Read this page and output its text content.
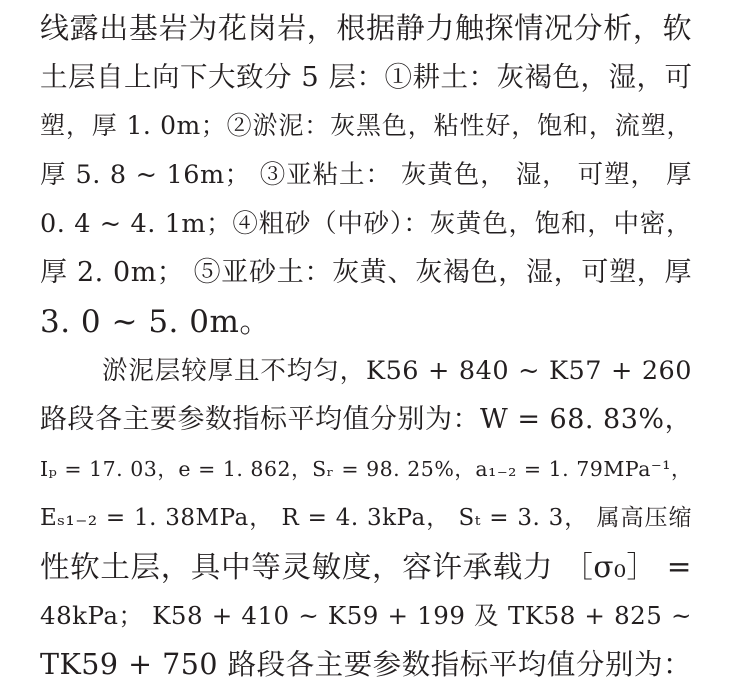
线露出基岩为花岗岩，根据静力触探情况分析，软
土层自上向下大致分 5 层：①耕土：灰褐色，湿，可
塑，厚 1. 0m；②淤泥：灰黑色，粘性好，饱和，流塑，
厚 5. 8 ~ 16m； ③亚粘土： 灰黄色， 湿， 可塑， 厚
0. 4 ~ 4. 1m；④粗砂（中砂）：灰黄色，饱和，中密，
厚 2. 0m； ⑤亚砂土：灰黄、灰褐色，湿，可塑，厚
3. 0 ~ 5. 0m。
淤泥层较厚且不均匀，K56 + 840 ~ K57 + 260
路段各主要参数指标平均值分别为：W = 68. 83%，
Iₚ = 17. 03，e = 1. 862，Sᵣ = 98. 25%，a₁₋₂ = 1. 79MPa⁻¹，
Eₛ₁₋₂ = 1. 38MPa， R = 4. 3kPa， Sₜ = 3. 3， 属高压缩
性软土层，具中等灵敏度，容许承载力 ［σ₀］ =
48kPa； K58 + 410 ~ K59 + 199 及 TK58 + 825 ~
TK59 + 750 路段各主要参数指标平均值分别为：
